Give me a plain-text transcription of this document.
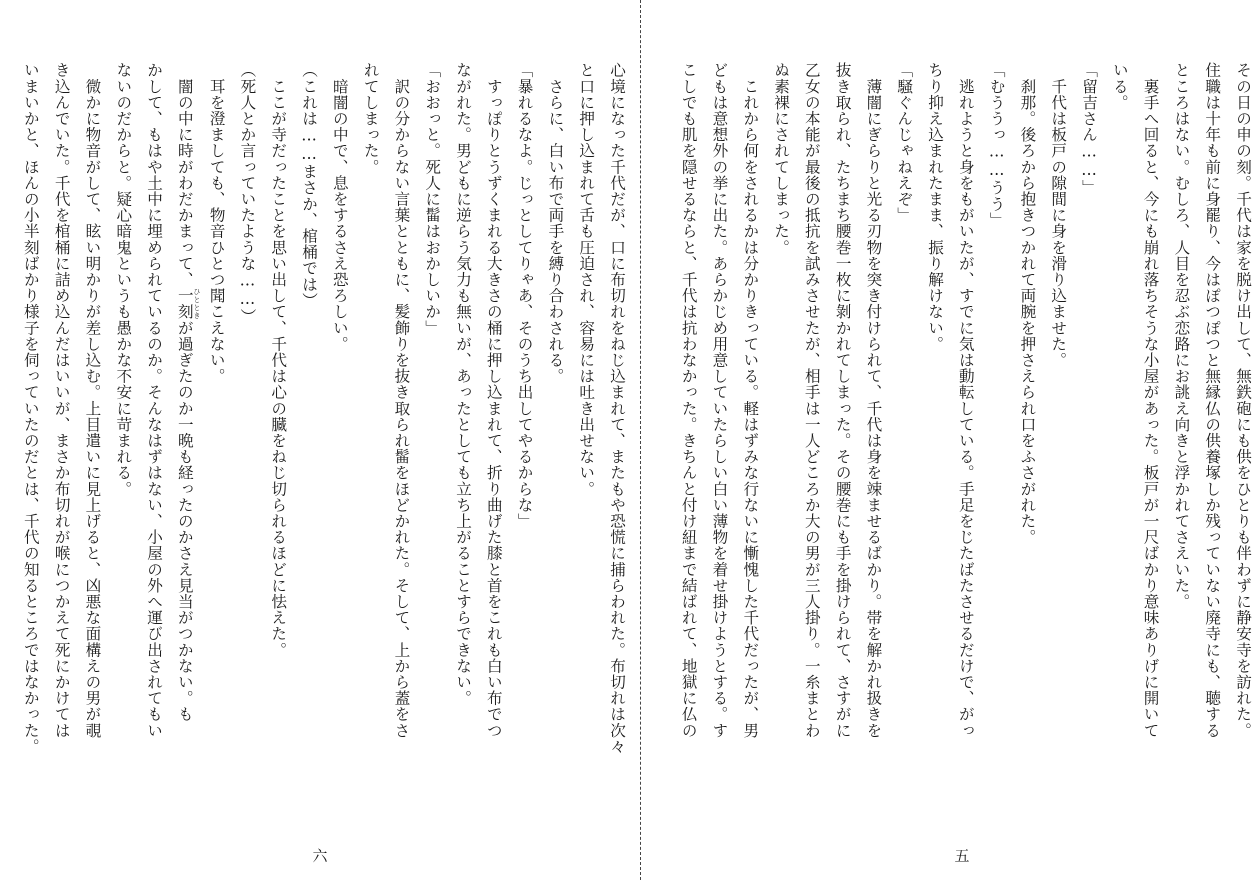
心境になった千代だが、口に布切れをねじ込まれて、またもや恐慌に捕らわれた。布切れは次々
と口に押し込まれて舌も圧迫され、容易には吐き出せない。
　さらに、白い布で両手を縛り合わされる。
「暴れるなよ。じっとしてりゃあ、そのうち出してやるからな」
　すっぽりとうずくまれる大きさの桶に押し込まれて、折り曲げた膝と首をこれも白い布でつ
ながれた。男どもに逆らう気力も無いが、あったとしても立ち上がることすらできない。
「おおっと。死人に髷はおかしいか」
　訳の分からない言葉とともに、髪飾りを抜き取られ髷をほどかれた。そして、上から蓋をさ
れてしまった。
　暗闇の中で、息をするさえ恐ろしい。
（これは……まさか、棺桶では）
　ここが寺だったことを思い出して、千代は心の臓をねじ切られるほどに怯えた。
（死人とか言っていたような……）
　耳を澄ましても、物音ひとつ聞こえない。
　闇の中に時がわだかまって、一刻 ひとときが過ぎたのか一晩も経ったのかさえ見当がつかない。も
かして、もはや土中に埋められているのか。そんなはずはない、小屋の外へ運び出されてもい
ないのだからと。疑心暗鬼というも愚かな不安に苛まれる。
　微かに物音がして、眩い明かりが差し込む。上目遣いに見上げると、凶悪な面構えの男が覗
き込んでいた。千代を棺桶に詰め込んだはいいが、まさか布切れが喉につかえて死にかけては
いまいかと、ほんの小半刻ばかり様子を伺っていたのだとは、千代の知るところではなかった。
六
その日の申の刻。千代は家を脱け出して、無鉄砲にも供をひとりも伴わずに静安寺を訪れた。
住職は十年も前に身罷り、今はぽつぽつと無縁仏の供養塚しか残っていない廃寺にも、聴する
ところはない。むしろ、人目を忍ぶ恋路にお誂え向きと浮かれてさえいた。
　裏手へ回ると、今にも崩れ落ちそうな小屋があった。板戸が一尺ばかり意味ありげに開いて
いる。
「留吉さん……」
　千代は板戸の隙間に身を滑り込ませた。
　刹那。後ろから抱きつかれて両腕を押さえられ口をふさがれた。
「むううっ……うう」
　逃れようと身をもがいたが、すでに気は動転している。手足をじたばたさせるだけで、がっ
ちり抑え込まれたまま、振り解けない。
「騒ぐんじゃねえぞ」
　薄闇にぎらりと光る刃物を突き付けられて、千代は身を竦ませるばかり。帯を解かれ扱きを
抜き取られ、たちまち腰巻一枚に剝かれてしまった。その腰巻にも手を掛けられて、さすがに
乙女の本能が最後の抵抗を試みさせたが、相手は一人どころか大の男が三人掛り。一糸まとわ
ぬ素裸にされてしまった。
　これから何をされるかは分かりきっている。軽はずみな行ないに慚愧した千代だったが、男
どもは意想外の挙に出た。あらかじめ用意していたらしい白い薄物を着せ掛けようとする。す
こしでも肌を隠せるならと、千代は抗わなかった。きちんと付け紐まで結ばれて、地獄に仏の
五
